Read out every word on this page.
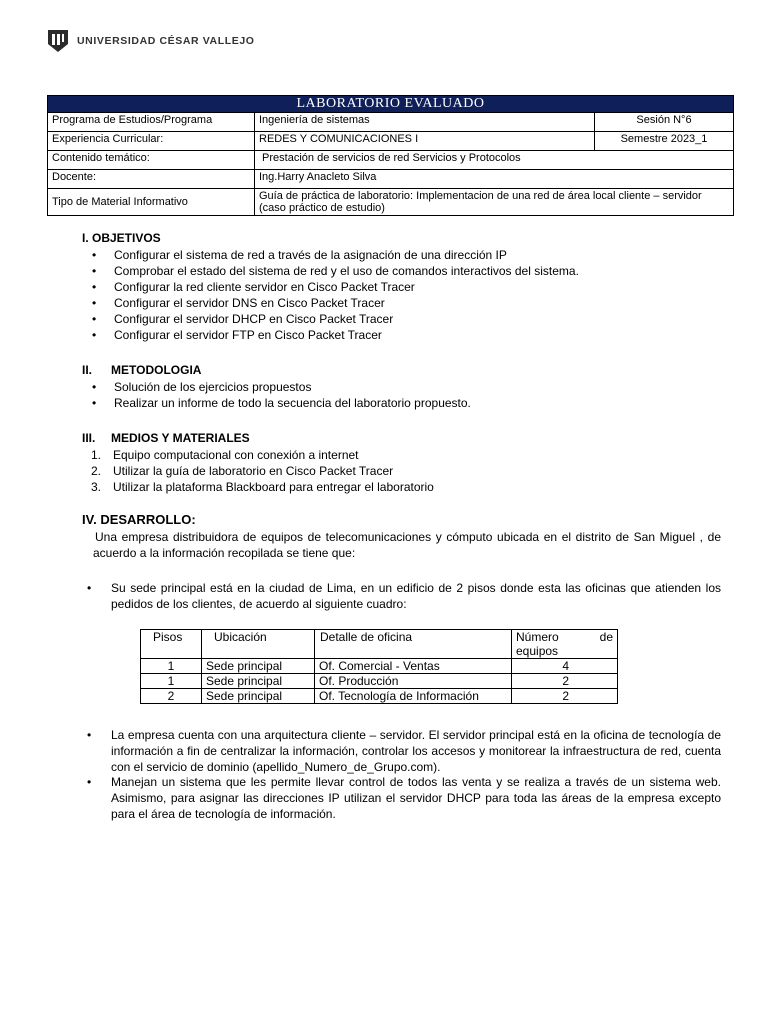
UNIVERSIDAD CÉSAR VALLEJO
LABORATORIO EVALUADO		
Programa de Estudios/Programa	Ingeniería de sistemas	Sesión N°6
Experiencia Curricular:	REDES Y COMUNICACIONES I	Semestre 2023_1
Contenido temático:	Prestación de servicios de red Servicios y Protocolos	
Docente:	Ing.Harry Anacleto Silva	
Tipo de Material Informativo	Guía de práctica de laboratorio: Implementacion de una red de área local cliente – servidor (caso práctico de estudio)	
I. OBJETIVOS
•	Configurar el sistema de red a través de la asignación de una dirección IP
•	Comprobar el estado del sistema de red y el uso de comandos interactivos del sistema.
•	Configurar la red cliente servidor en Cisco Packet Tracer
•	Configurar el servidor DNS en Cisco Packet Tracer
•	Configurar el servidor DHCP en Cisco Packet Tracer
•	Configurar el servidor FTP en Cisco Packet Tracer
II.	METODOLOGIA
•	Solución de los ejercicios propuestos
•	Realizar un informe de todo la secuencia del laboratorio propuesto.
III.	MEDIOS Y MATERIALES
1. Equipo computacional con conexión a internet
2. Utilizar la guía de laboratorio en Cisco Packet Tracer
3. Utilizar la plataforma Blackboard para entregar el laboratorio
IV. DESARROLLO:
Una empresa distribuidora de equipos de telecomunicaciones y cómputo ubicada en el distrito de San Miguel , de acuerdo a la información recopilada se tiene que:
•	Su sede principal está en la ciudad de Lima, en un edificio de 2 pisos donde esta las oficinas que atienden los pedidos de los clientes, de acuerdo al siguiente cuadro:
Pisos	Ubicación	Detalle de oficina	Número de
equipos

1	Sede principal	Of. Comercial - Ventas	4
1	Sede principal	Of. Producción	2
2	Sede principal	Of. Tecnología de Información	2
•	La empresa cuenta con una arquitectura cliente – servidor. El servidor principal está en la oficina de tecnología de información a fin de centralizar la información, controlar los accesos y monitorear la infraestructura de red, cuenta con el servicio de dominio (apellido_Numero_de_Grupo.com).
•	Manejan un sistema que les permite llevar control de todos las venta y se realiza a través de un sistema web. Asimismo, para asignar las direcciones IP utilizan el servidor DHCP para toda las áreas de la empresa excepto para el área de tecnología de información.
